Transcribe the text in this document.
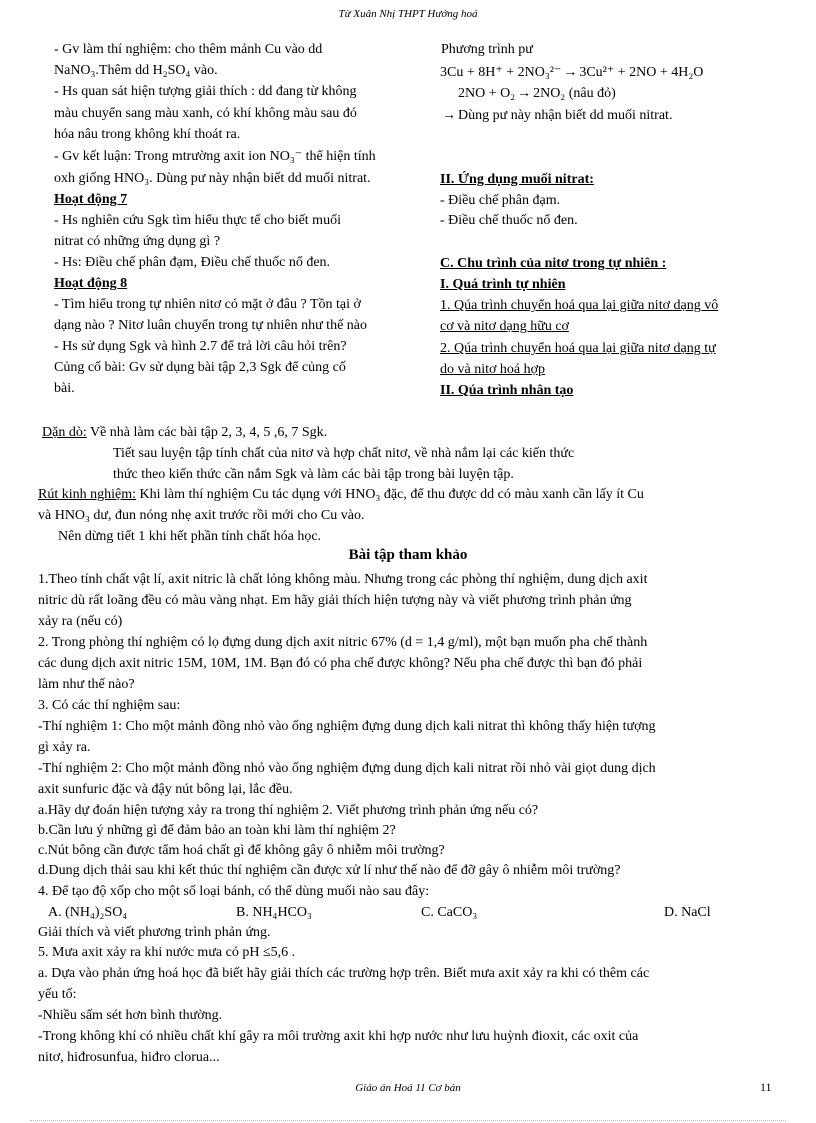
Từ Xuân Nhị THPT Hướng hoá
- Gv làm thí nghiệm: cho thêm mảnh Cu vào dd
NaNO₃.Thêm dd H₂SO₄ vào.
- Hs quan sát hiện tượng giải thích : dd đang từ không
màu chuyển sang màu xanh, có khí không màu sau đó
hóa nâu trong không khí thoát ra.
- Gv kết luận: Trong mtrường axit ion NO₃⁻ thể hiện tính
oxh giống HNO₃. Dùng pư này nhận biết dd muối nitrat.
Hoạt động 7
- Hs nghiên cứu Sgk tìm hiểu thực tế cho biết muối
nitrat có những ứng dụng gì ?
- Hs: Điều chế phân đạm, Điều chế thuốc nổ đen.
Hoạt động 8
- Tìm hiểu trong tự nhiên nitơ có mặt ở đâu ? Tồn tại ở
dạng nào ? Nitơ luân chuyển trong tự nhiên như thế nào
- Hs sử dụng Sgk và hình 2.7 để trả lời câu hỏi trên?
Củng cố bài: Gv sử dụng bài tập 2,3 Sgk để củng cố
bài.
Phương trình pư
3Cu + 8H⁺ + 2NO₃²⁻ → 3Cu²⁺ + 2NO + 4H₂O
2NO + O₂ → 2NO₂ (nâu đỏ)
→ Dùng pư này nhận biết dd muối nitrat.
II. Ứng dụng muối nitrat:
- Điều chế phân đạm.
- Điều chế thuốc nổ đen.
C. Chu trình của nitơ trong tự nhiên :
I. Quá trình tự nhiên
1. Qúa trình chuyển hoá qua lại giữa nitơ dạng vô
cơ và nitơ dạng hữu cơ
2. Qúa trình chuyển hoá qua lại giữa nitơ dạng tự
do và nitơ hoá hợp
II. Qúa trình nhân tạo
Dặn dò: Về nhà làm các bài tập 2, 3, 4, 5 ,6, 7 Sgk.
Tiết sau luyện tập tính chất của nitơ và hợp chất nitơ, về nhà nắm lại các kiến thức
thức theo kiến thức cần nắm Sgk và làm các bài tập trong bài luyện tập.
Rút kinh nghiệm: Khi làm thí nghiệm Cu tác dụng với HNO₃ đặc, để thu được dd có màu xanh cần lấy ít Cu
và HNO₃ dư, đun nóng nhẹ axit trước rồi mới cho Cu vào.
Nên dừng tiết 1 khi hết phần tính chất hóa học.
Bài tập tham khảo
1.Theo tính chất vật lí, axit nitric là chất lỏng không màu. Nhưng trong các phòng thí nghiệm, dung dịch axit
nitric dù rất loãng đều có màu vàng nhạt. Em hãy giải thích hiện tượng này và viết phương trình phản ứng
xảy ra (nếu có)
2. Trong phòng thí nghiệm có lọ đựng dung dịch axit nitric 67% (d = 1,4 g/ml), một bạn muốn pha chế thành
các dung dịch axit nitric 15M, 10M, 1M. Bạn đó có pha chế được không? Nếu pha chế được thì bạn đó phải
làm như thế nào?
3. Có các thí nghiệm sau:
-Thí nghiệm 1: Cho một mảnh đồng nhỏ vào ống nghiệm đựng dung dịch kali nitrat thì không thấy hiện tượng
gì xảy ra.
-Thí nghiệm 2: Cho một mảnh đồng nhỏ vào ống nghiệm đựng dung dịch kali nitrat rồi nhỏ vài giọt dung dịch
axit sunfuric đặc và đậy nút bông lại, lắc đều.
a.Hãy dự đoán hiện tượng xảy ra trong thí nghiệm 2. Viết phương trình phản ứng nếu có?
b.Cần lưu ý những gì để đảm bảo an toàn khi làm thí nghiệm 2?
c.Nút bông cần được tẩm hoá chất gì để không gây ô nhiễm môi trường?
d.Dung dịch thải sau khi kết thúc thí nghiệm cần được xử lí như thế nào để đỡ gây ô nhiễm môi trường?
4. Để tạo độ xốp cho một số loại bánh, có thể dùng muối nào sau đây:
A. (NH₄)₂SO₄	B. NH₄HCO₃	C. CaCO₃	D. NaCl
Giải thích và viết phương trình phản ứng.
5. Mưa axit xảy ra khi nước mưa có pH ≤5,6 .
a. Dựa vào phản ứng hoá học đã biết hãy giải thích các trường hợp trên. Biết mưa axit xảy ra khi có thêm các
yếu tố:
-Nhiều sấm sét hơn bình thường.
-Trong không khí có nhiều chất khí gây ra môi trường axit khi hợp nước như lưu huỳnh đioxit, các oxit của
nitơ, hiđrosunfua, hiđro clorua...
Giáo án Hoá 11 Cơ bản	11
